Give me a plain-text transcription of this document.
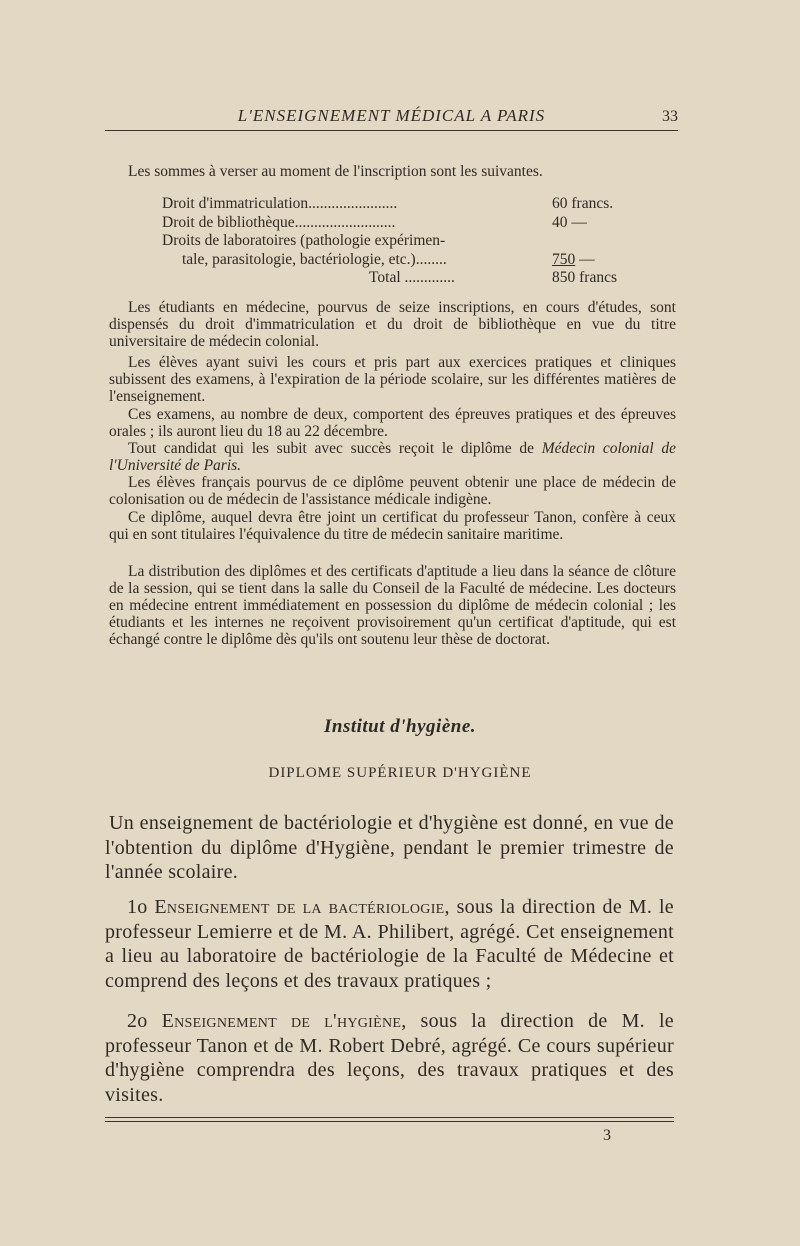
L'ENSEIGNEMENT MÉDICAL A PARIS	33
Les sommes à verser au moment de l'inscription sont les suivantes.
Droit d'immatriculation.......................	60 francs.
Droit de bibliothèque..........................	40 —
Droits de laboratoires (pathologie expérimen-
tale, parasitologie, bactériologie, etc.)........	750 —
Total .............	850 francs

Les étudiants en médecine, pourvus de seize inscriptions, en cours d'études, sont dispensés du droit d'immatriculation et du droit de bibliothèque en vue du titre universitaire de médecin colonial.

Les élèves ayant suivi les cours et pris part aux exercices pratiques et cliniques subissent des examens, à l'expiration de la période scolaire, sur les différentes matières de l'enseignement.

Ces examens, au nombre de deux, comportent des épreuves pratiques et des épreuves orales ; ils auront lieu du 18 au 22 décembre.

Tout candidat qui les subit avec succès reçoit le diplôme de Médecin colonial de l'Université de Paris.

Les élèves français pourvus de ce diplôme peuvent obtenir une place de médecin de colonisation ou de médecin de l'assistance médicale indigène.

Ce diplôme, auquel devra être joint un certificat du professeur Tanon, confère à ceux qui en sont titulaires l'équivalence du titre de médecin sanitaire maritime.

La distribution des diplômes et des certificats d'aptitude a lieu dans la séance de clôture de la session, qui se tient dans la salle du Conseil de la Faculté de médecine. Les docteurs en médecine entrent immédiatement en possession du diplôme de médecin colonial ; les étudiants et les internes ne reçoivent provisoirement qu'un certificat d'aptitude, qui est échangé contre le diplôme dès qu'ils ont soutenu leur thèse de doctorat.

Institut d'hygiène.
DIPLOME SUPÉRIEUR D'HYGIÈNE

Un enseignement de bactériologie et d'hygiène est donné, en vue de l'obtention du diplôme d'Hygiène, pendant le premier trimestre de l'année scolaire.

1o Enseignement de la bactériologie, sous la direction de M. le professeur Lemierre et de M. A. Philibert, agrégé. Cet enseignement a lieu au laboratoire de bactériologie de la Faculté de Médecine et comprend des leçons et des travaux pratiques ;

2o Enseignement de l'hygiène, sous la direction de M. le professeur Tanon et de M. Robert Debré, agrégé. Ce cours supérieur d'hygiène comprendra des leçons, des travaux pratiques et des visites.

3
